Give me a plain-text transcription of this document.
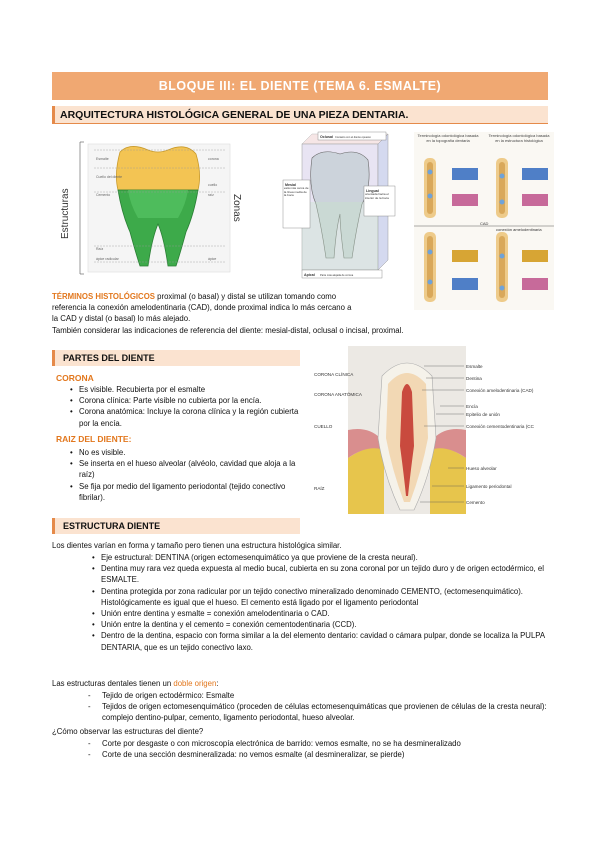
BLOQUE III: EL DIENTE (TEMA 6. ESMALTE)
ARQUITECTURA HISTOLÓGICA GENERAL DE UNA PIEZA DENTARIA.
Estructuras	Zonas
Esmalte
Cuello del diente
Cemento
Raíz
ápice radicular
corona
cuello
raíz
ápice
Oclusal Contacto con el diente opuesto
Mesial
está más cerca de la línea media de la boca
Lingual
orientada hacia el interior de la boca
Apical Parte más alejada de corona
Terminología odontológica basada en la topografía dentaria
Terminología odontológica basada en la estructura histológica
CAD
conexión amelodentinaria
TÉRMINOS HISTOLÓGICOS proximal (o basal) y distal se utilizan tomando como
referencia la conexión amelodentinaria (CAD), donde proximal indica lo más cercano a
la CAD y distal (o basal) lo más alejado.
También considerar las indicaciones de referencia del diente: mesial-distal, oclusal o incisal, proximal.
PARTES DEL DIENTE
CORONA
• Es visible. Recubierta por el esmalte
• Corona clínica: Parte visible no cubierta por la encía.
• Corona anatómica: Incluye la corona clínica y la región cubierta por la encía.
RAIZ DEL DIENTE:
• No es visible.
• Se inserta en el hueso alveolar (alvéolo, cavidad que aloja a la raíz)
• Se fija por medio del ligamento periodontal (tejido conectivo fibrilar).
CORONA CLÍNICA
CORONA ANATÓMICA
CUELLO
RAÍZ
Esmalte
Dentina
Conexión amelodentinaria (CAD)
Encía
Epitelio de unión
Conexión cementodentinaria (CCD)
Hueso alveolar
Ligamento periodontal
Cemento
ESTRUCTURA DIENTE
Los dientes varían en forma y tamaño pero tienen una estructura histológica similar.
• Eje estructural: DENTINA (origen ectomesenquimático ya que proviene de la cresta neural).
• Dentina muy rara vez queda expuesta al medio bucal, cubierta en su zona coronal por un tejido duro y de origen ectodérmico, el ESMALTE.
• Dentina protegida por zona radicular por un tejido conectivo mineralizado denominado CEMENTO, (ectomesenquimático). Histológicamente es igual que el hueso. El cemento está ligado por el ligamento periodontal
• Unión entre dentina y esmalte = conexión amelodentinaria o CAD.
• Unión entre la dentina y el cemento = conexión cementodentinaria (CCD).
• Dentro de la dentina, espacio con forma similar a la del elemento dentario: cavidad o cámara pulpar, donde se localiza la PULPA DENTARIA, que es un tejido conectivo laxo.
Las estructuras dentales tienen un doble origen:
- Tejido de origen ectodérmico: Esmalte
- Tejidos de origen ectomesenquimático (proceden de células ectomesenquimáticas que provienen de células de la cresta neural): complejo dentino-pulpar, cemento, ligamento periodontal, hueso alveolar.
¿Cómo observar las estructuras del diente?
- Corte por desgaste o con microscopía electrónica de barrido: vemos esmalte, no se ha desmineralizado
- Corte de una sección desmineralizada: no vemos esmalte (al desmineralizar, se pierde)
